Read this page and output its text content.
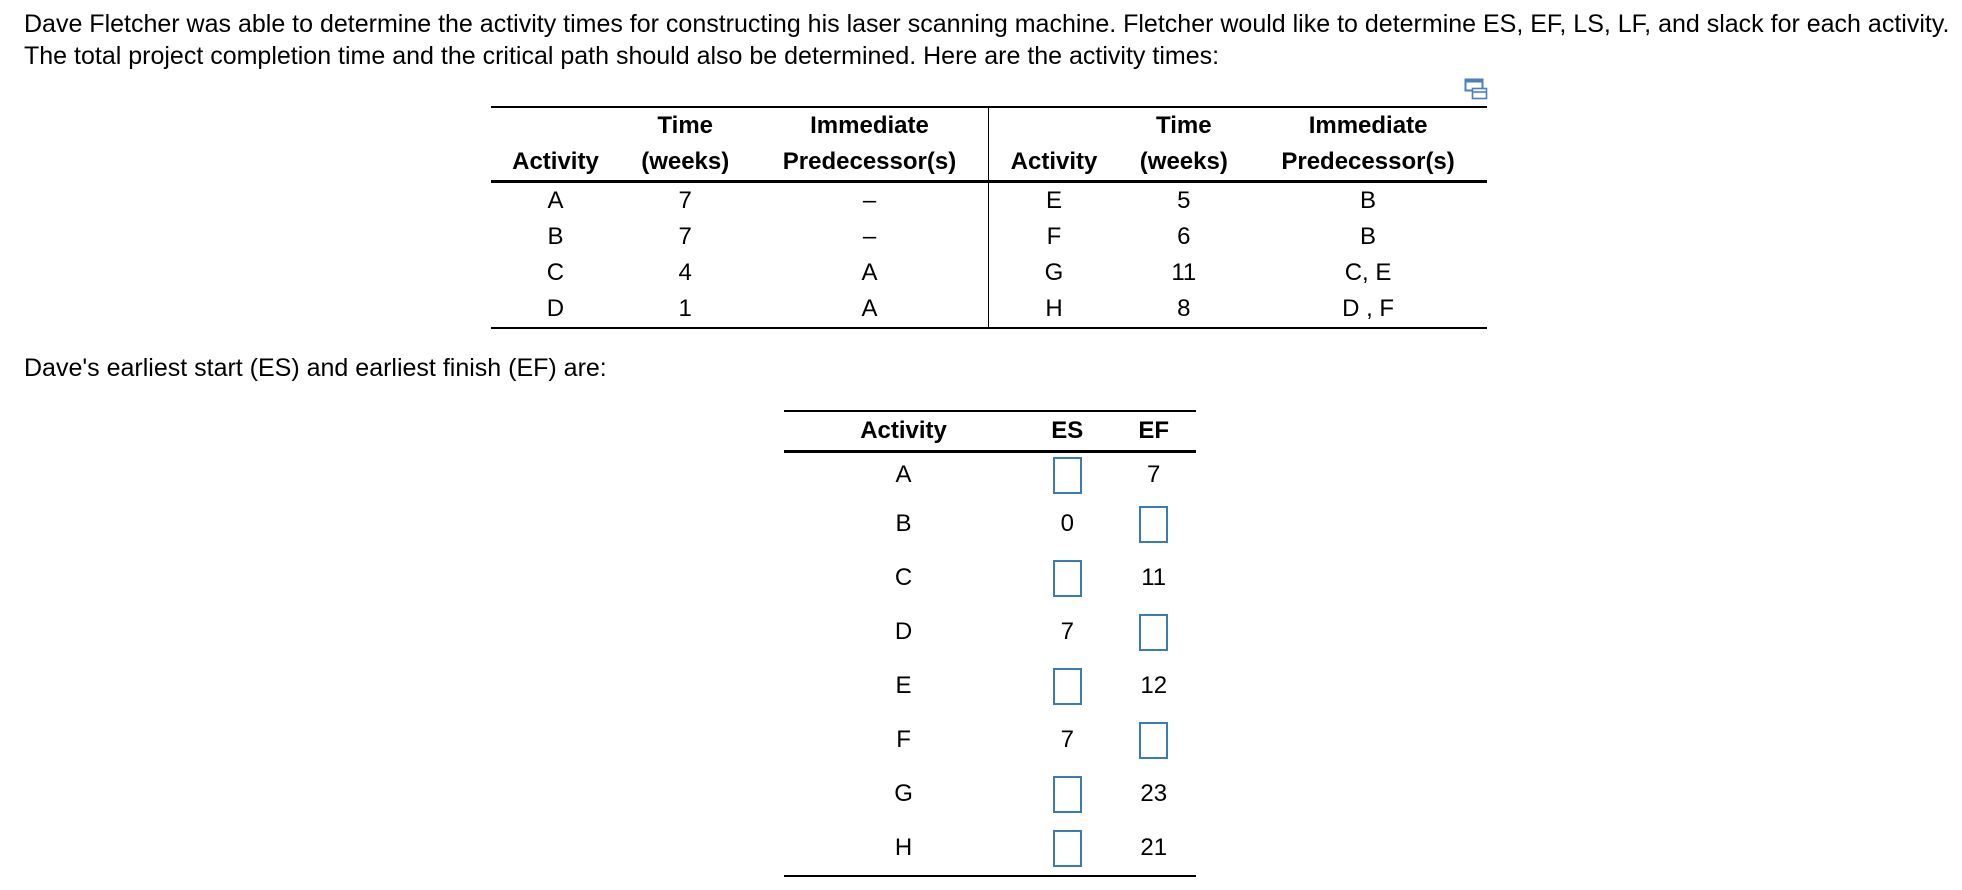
Dave Fletcher was able to determine the activity times for constructing his laser scanning machine. Fletcher would like to determine ES, EF, LS, LF, and slack for each activity. The total project completion time and the critical path should also be determined. Here are the activity times:
	Time	Immediate		Time	Immediate
Activity	(weeks)	Predecessor(s)	Activity	(weeks)	Predecessor(s)
A	7	–	E	5	B
B	7	–	F	6	B
C	4	A	G	11	C, E
D	1	A	H	8	D , F
Dave's earliest start (ES) and earliest finish (EF) are:
Activity	ES	EF
A		7
B	0	
C		11
D	7	
E		12
F	7	
G		23
H		21
